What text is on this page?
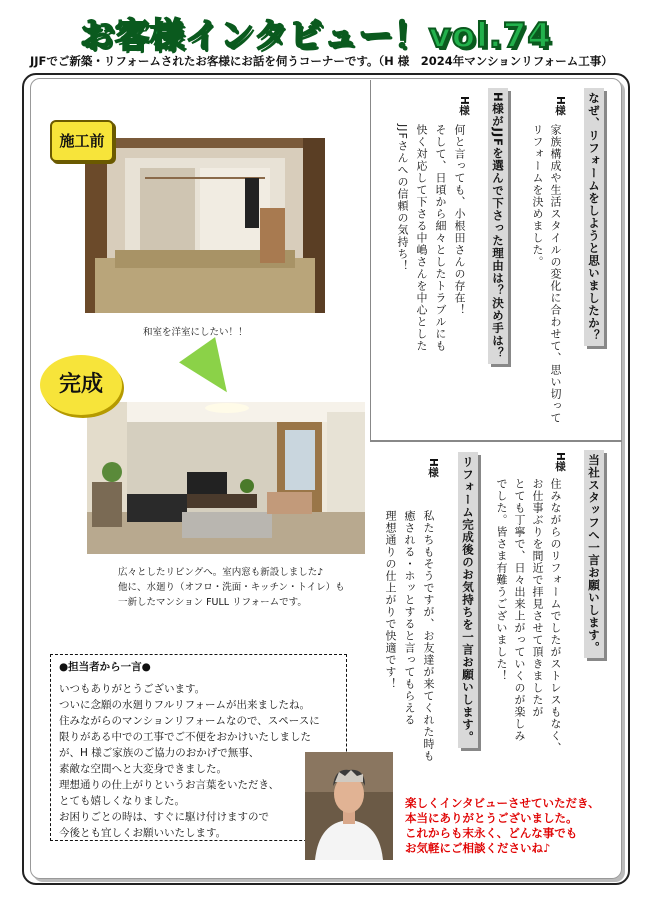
お客様インタビュー！vol.74
JJFでご新築・リフォームされたお客様にお話を伺うコーナーです。（H 様　2024年マンションリフォーム工事）
なぜ、リフォームをしようと思いましたか？
H様
家族構成や生活スタイルの変化に合わせて、思い切って
リフォームを決めました。
H様がJJFを選んで下さった理由は？決め手は？
H様
何と言っても、小根田さんの存在！
そして、日頃から細々としたトラブルにも
快く対応して下さる中嶋さんを中心とした
JJFさんへの信頼の気持ち！
当社スタッフへ一言お願いします。
H様
住みながらのリフォームでしたがストレスもなく、
お仕事ぶりを間近で拝見させて頂きましたが
とても丁寧で、日々出来上がっていくのが楽しみ
でした。皆さま有難うございました！
リフォーム完成後のお気持ちを一言お願いします。
H様
私たちもそうですが、お友達が来てくれた時も
癒される・ホッとすると言ってもらえる
理想通りの仕上がりで快適です！
施工前
和室を洋室にしたい！！
完成
広々としたリビングへ。室内窓も新設しました♪
他に、水廻り（オフロ・洗面・キッチン・トイレ）も
一新したマンション FULL リフォームです。
●担当者から一言●
いつもありがとうございます。
ついに念願の水廻りフルリフォームが出来ましたね。
住みながらのマンションリフォームなので、スペースに
限りがある中での工事でご不便をおかけいたしました
が、H 様ご家族のご協力のおかげで無事、
素敵な空間へと大変身できました。
理想通りの仕上がりというお言葉をいただき、
とても嬉しくなりました。
お困りごとの時は、すぐに駆け付けますので
今後とも宜しくお願いいたします。
楽しくインタビューさせていただき、
本当にありがとうございました。
これからも末永く、どんな事でも
お気軽にご相談くださいね♪
